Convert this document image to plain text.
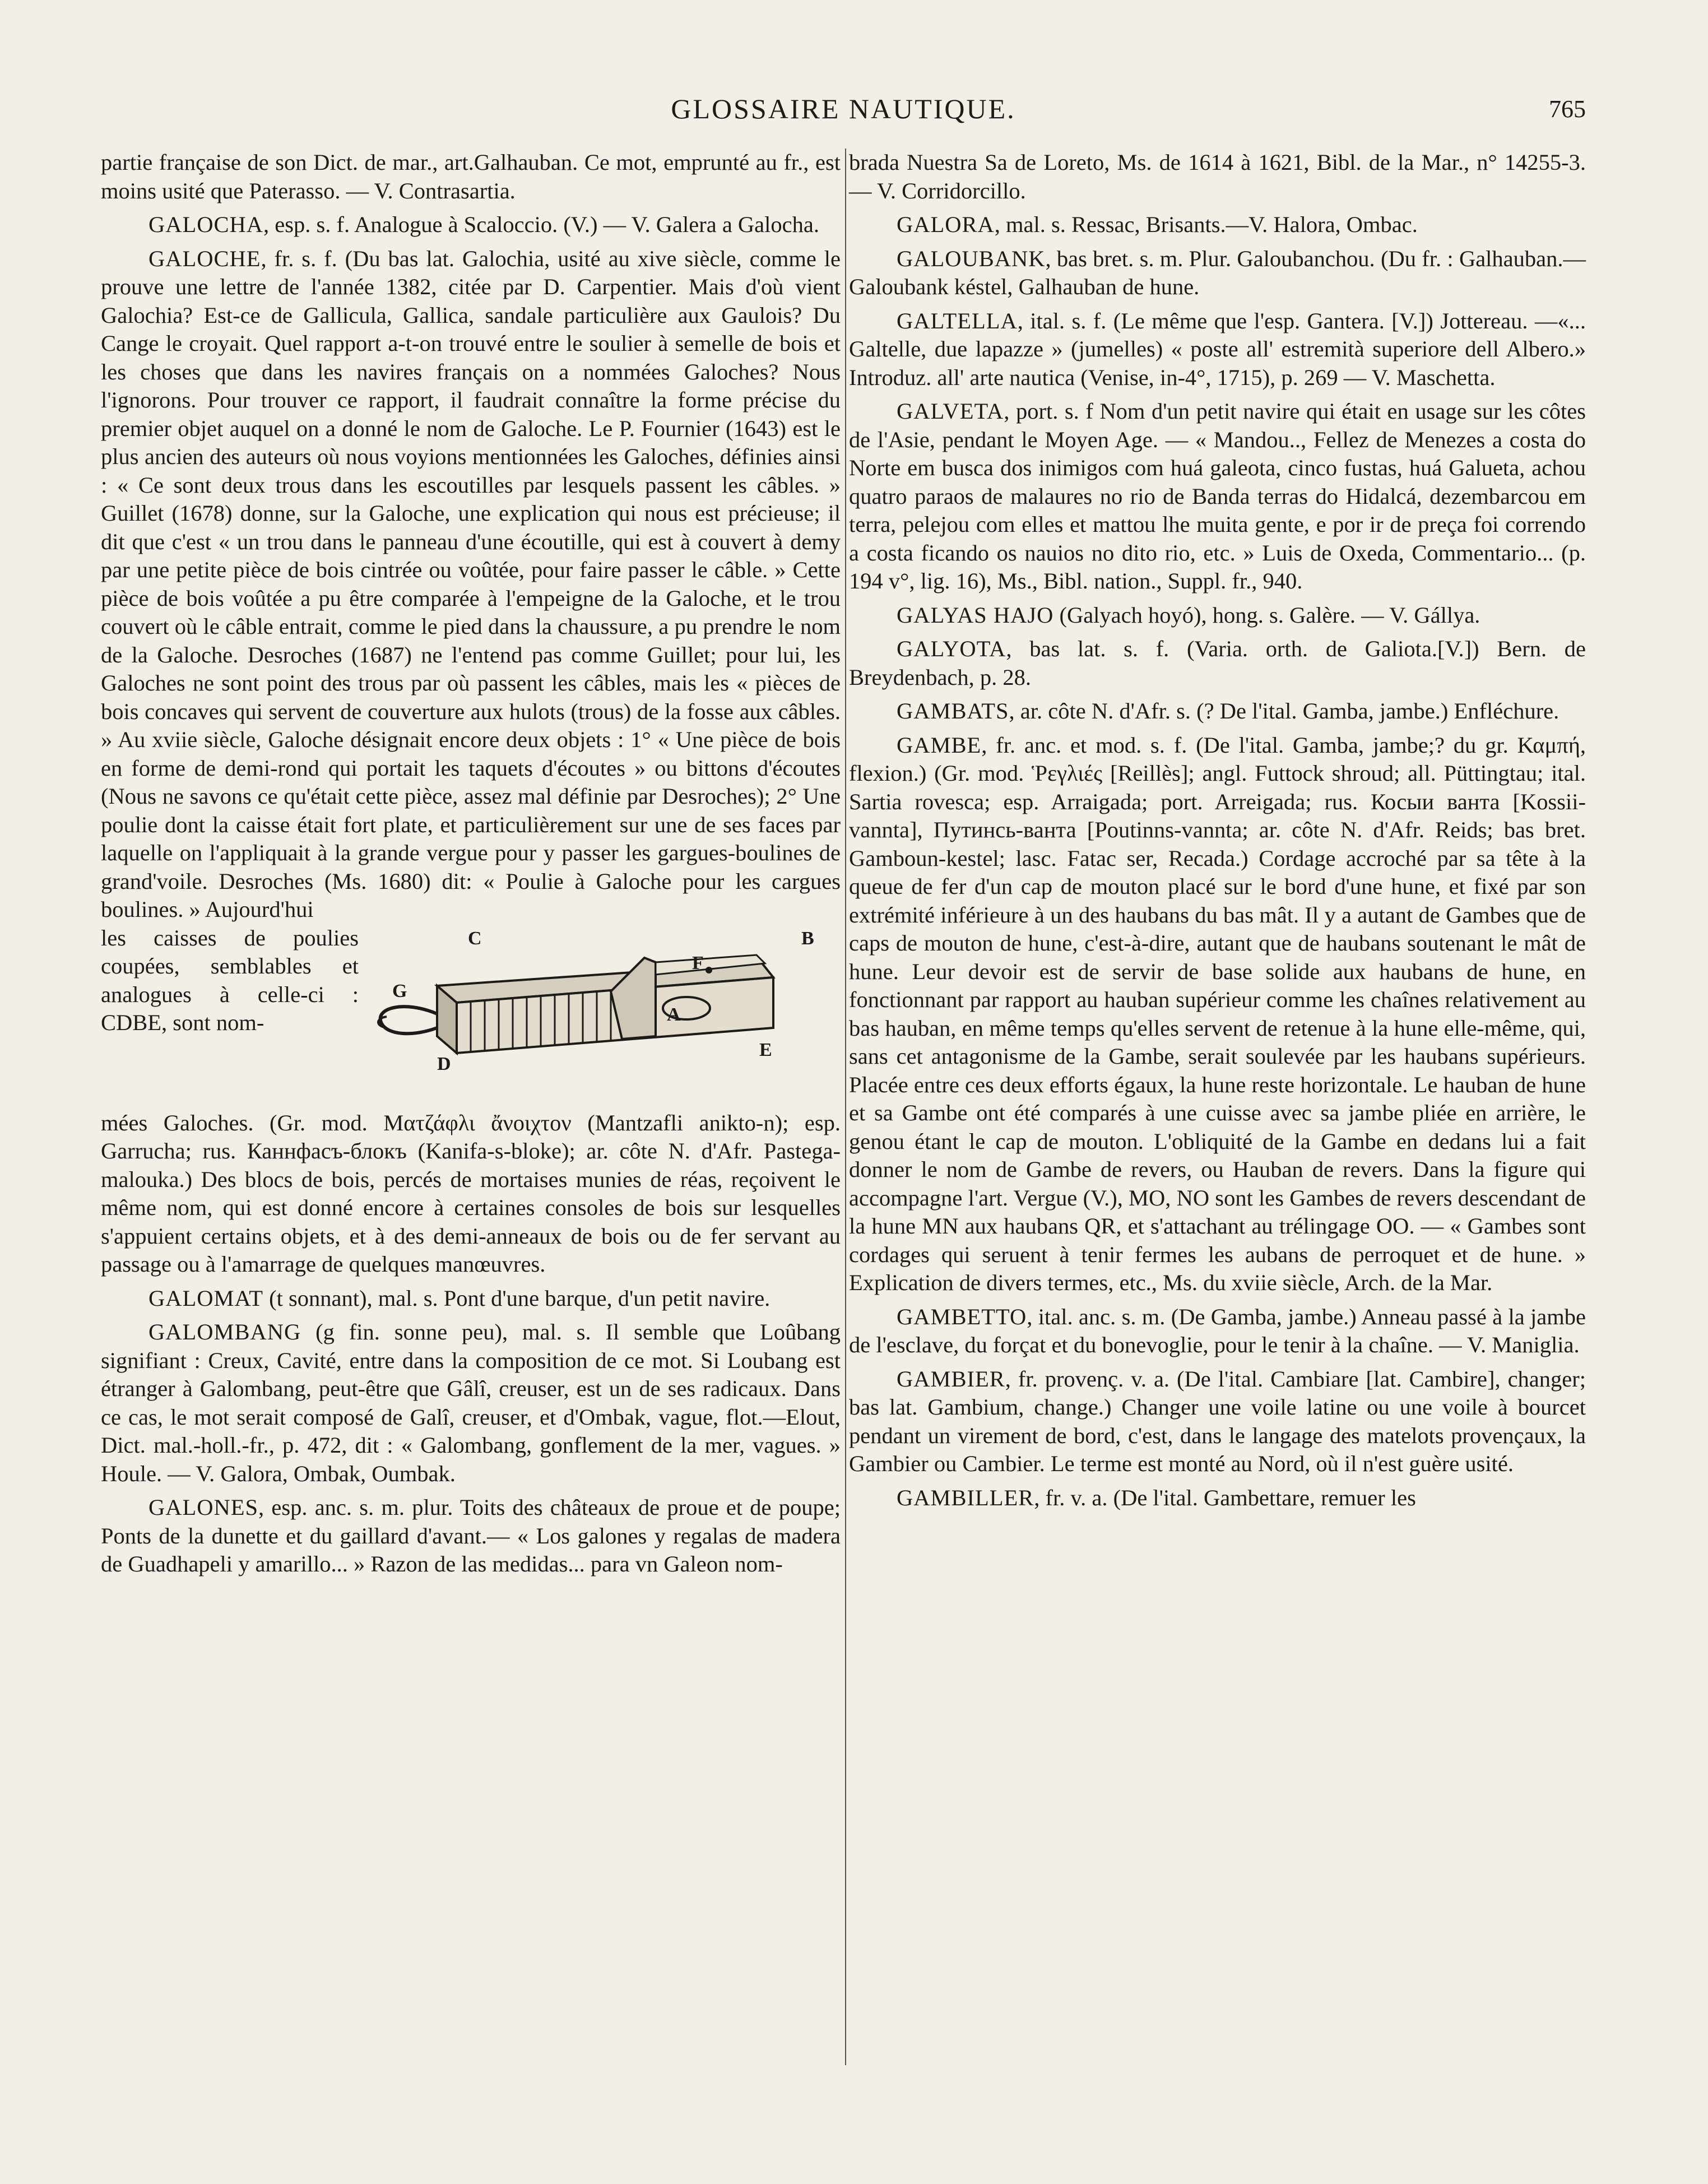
GLOSSAIRE NAUTIQUE.	765

partie française de son Dict. de mar., art.Galhauban. Ce mot, emprunté au fr., est moins usité que Paterasso. — V. Contrasartia.

GALOCHA, esp. s. f. Analogue à Scaloccio. (V.) — V. Galera a Galocha.

GALOCHE, fr. s. f. (Du bas lat. Galochia, usité au xive siècle, comme le prouve une lettre de l'année 1382, citée par D. Carpentier. Mais d'où vient Galochia? Est-ce de Gallicula, Gallica, sandale particulière aux Gaulois? Du Cange le croyait. Quel rapport a-t-on trouvé entre le soulier à semelle de bois et les choses que dans les navires français on a nommées Galoches? Nous l'ignorons. Pour trouver ce rapport, il faudrait connaître la forme précise du premier objet auquel on a donné le nom de Galoche. Le P. Fournier (1643) est le plus ancien des auteurs où nous voyions mentionnées les Galoches, définies ainsi : « Ce sont deux trous dans les escoutilles par lesquels passent les câbles. » Guillet (1678) donne, sur la Galoche, une explication qui nous est précieuse; il dit que c'est « un trou dans le panneau d'une écoutille, qui est à couvert à demy par une petite pièce de bois cintrée ou voûtée, pour faire passer le câble. » Cette pièce de bois voûtée a pu être comparée à l'empeigne de la Galoche, et le trou couvert où le câble entrait, comme le pied dans la chaussure, a pu prendre le nom de la Galoche. Desroches (1687) ne l'entend pas comme Guillet; pour lui, les Galoches ne sont point des trous par où passent les câbles, mais les « pièces de bois concaves qui servent de couverture aux hulots (trous) de la fosse aux câbles. » Au xviie siècle, Galoche désignait encore deux objets : 1° « Une pièce de bois en forme de demi-rond qui portait les taquets d'écoutes » ou bittons d'écoutes (Nous ne savons ce qu'était cette pièce, assez mal définie par Desroches); 2° Une poulie dont la caisse était fort plate, et particulièrement sur une de ses faces par laquelle on l'appliquait à la grande vergue pour y passer les gargues-boulines de grand'voile. Desroches (Ms. 1680) dit: « Poulie à Galoche pour les cargues boulines. » Aujourd'hui

les caisses de poulies coupées, semblables et analogues à celle-ci : CDBE, sont nom-
C	B
G
F
A
D
E

mées Galoches. (Gr. mod. Ματζάφλι ἄνοιχτον (Mantzafli anikto-n); esp. Garrucha; rus. Каннфасъ-блокъ (Kanifa-s-bloke); ar. côte N. d'Afr. Pastega-malouka.) Des blocs de bois, percés de mortaises munies de réas, reçoivent le même nom, qui est donné encore à certaines consoles de bois sur lesquelles s'appuient certains objets, et à des demi-anneaux de bois ou de fer servant au passage ou à l'amarrage de quelques manœuvres.

GALOMAT (t sonnant), mal. s. Pont d'une barque, d'un petit navire.

GALOMBANG (g fin. sonne peu), mal. s. Il semble que Loûbang signifiant : Creux, Cavité, entre dans la composition de ce mot. Si Loubang est étranger à Galombang, peut-être que Gâlî, creuser, est un de ses radicaux. Dans ce cas, le mot serait composé de Galî, creuser, et d'Ombak, vague, flot.—Elout, Dict. mal.-holl.-fr., p. 472, dit : « Galombang, gonflement de la mer, vagues. » Houle. — V. Galora, Ombak, Oumbak.

GALONES, esp. anc. s. m. plur. Toits des châteaux de proue et de poupe; Ponts de la dunette et du gaillard d'avant.— « Los galones y regalas de madera de Guadhapeli y amarillo... » Razon de las medidas... para vn Galeon nom-

brada Nuestra Sa de Loreto, Ms. de 1614 à 1621, Bibl. de la Mar., n° 14255-3. — V. Corridorcillo.

GALORA, mal. s. Ressac, Brisants.—V. Halora, Ombac.

GALOUBANK, bas bret. s. m. Plur. Galoubanchou. (Du fr. : Galhauban.— Galoubank késtel, Galhauban de hune.

GALTELLA, ital. s. f. (Le même que l'esp. Gantera. [V.]) Jottereau. —«... Galtelle, due lapazze » (jumelles) « poste all' estremità superiore dell Albero.» Introduz. all' arte nautica (Venise, in-4°, 1715), p. 269 — V. Maschetta.

GALVETA, port. s. f Nom d'un petit navire qui était en usage sur les côtes de l'Asie, pendant le Moyen Age. — « Mandou.., Fellez de Menezes a costa do Norte em busca dos inimigos com huá galeota, cinco fustas, huá Galueta, achou quatro paraos de malaures no rio de Banda terras do Hidalcá, dezembarcou em terra, pelejou com elles et mattou lhe muita gente, e por ir de preça foi correndo a costa ficando os nauios no dito rio, etc. » Luis de Oxeda, Commentario... (p. 194 v°, lig. 16), Ms., Bibl. nation., Suppl. fr., 940.

GALYAS HAJO (Galyach hoyó), hong. s. Galère. — V. Gállya.

GALYOTA, bas lat. s. f. (Varia. orth. de Galiota.[V.]) Bern. de Breydenbach, p. 28.

GAMBATS, ar. côte N. d'Afr. s. (? De l'ital. Gamba, jambe.) Enfléchure.

GAMBE, fr. anc. et mod. s. f. (De l'ital. Gamba, jambe;? du gr. Καμπή, flexion.) (Gr. mod. Ῥεγλιές [Reillès]; angl. Futtock shroud; all. Püttingtau; ital. Sartia rovesca; esp. Arraigada; port. Arreigada; rus. Косыи ванта [Kossii-vannta], Путинсь-ванта [Poutinns-vannta; ar. côte N. d'Afr. Reids; bas bret. Gamboun-kestel; lasc. Fatac ser, Recada.) Cordage accroché par sa tête à la queue de fer d'un cap de mouton placé sur le bord d'une hune, et fixé par son extrémité inférieure à un des haubans du bas mât. Il y a autant de Gambes que de caps de mouton de hune, c'est-à-dire, autant que de haubans soutenant le mât de hune. Leur devoir est de servir de base solide aux haubans de hune, en fonctionnant par rapport au hauban supérieur comme les chaînes relativement au bas hauban, en même temps qu'elles servent de retenue à la hune elle-même, qui, sans cet antagonisme de la Gambe, serait soulevée par les haubans supérieurs. Placée entre ces deux efforts égaux, la hune reste horizontale. Le hauban de hune et sa Gambe ont été comparés à une cuisse avec sa jambe pliée en arrière, le genou étant le cap de mouton. L'obliquité de la Gambe en dedans lui a fait donner le nom de Gambe de revers, ou Hauban de revers. Dans la figure qui accompagne l'art. Vergue (V.), MO, NO sont les Gambes de revers descendant de la hune MN aux haubans QR, et s'attachant au trélingage OO. — « Gambes sont cordages qui seruent à tenir fermes les aubans de perroquet et de hune. » Explication de divers termes, etc., Ms. du xviie siècle, Arch. de la Mar.

GAMBETTO, ital. anc. s. m. (De Gamba, jambe.) Anneau passé à la jambe de l'esclave, du forçat et du bonevoglie, pour le tenir à la chaîne. — V. Maniglia.

GAMBIER, fr. provenç. v. a. (De l'ital. Cambiare [lat. Cambire], changer; bas lat. Gambium, change.) Changer une voile latine ou une voile à bourcet pendant un virement de bord, c'est, dans le langage des matelots provençaux, la Gambier ou Cambier. Le terme est monté au Nord, où il n'est guère usité.

GAMBILLER, fr. v. a. (De l'ital. Gambettare, remuer les
